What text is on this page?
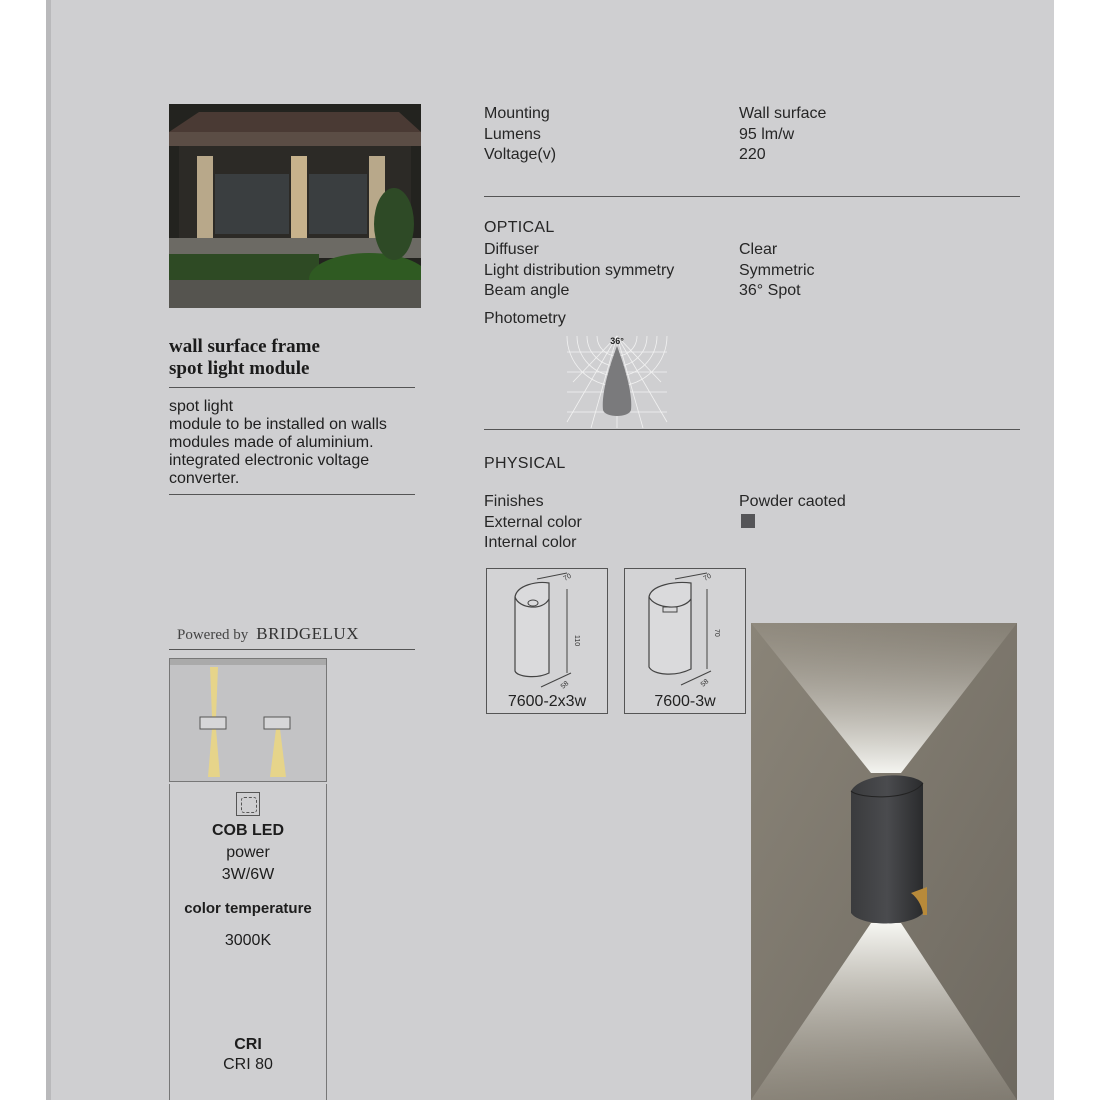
wall surface frame
spot light module
spot light
module to be installed on walls
modules made of aluminium.
integrated electronic voltage
converter.
Powered by BRIDGELUX
COB LED
power
3W/6W
color temperature
3000K
CRI
CRI 80
Mounting
Lumens
Voltage(v)
Wall surface
95 lm/w
220
OPTICAL
Diffuser
Light distribution symmetry
Beam angle
Clear
Symmetric
36° Spot
Photometry
36°
PHYSICAL
Finishes
External color
Internal color
Powder caoted
70
110
58
7600-2x3w
70
70
58
7600-3w
